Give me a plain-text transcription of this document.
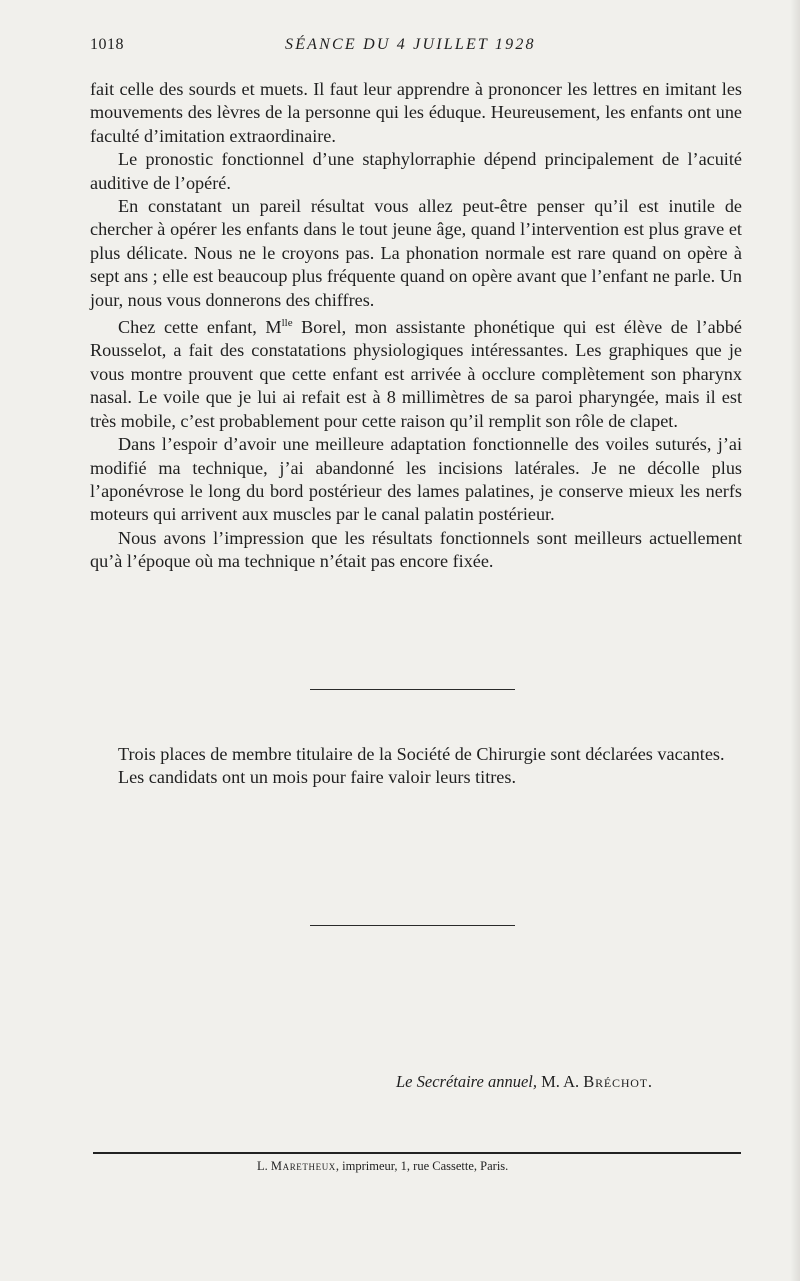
1018	SÉANCE DU 4 JUILLET 1928

fait celle des sourds et muets. Il faut leur apprendre à prononcer les lettres en imitant les mouvements des lèvres de la personne qui les éduque. Heureusement, les enfants ont une faculté d’imitation extraordinaire.

Le pronostic fonctionnel d’une staphylorraphie dépend principalement de l’acuité auditive de l’opéré.

En constatant un pareil résultat vous allez peut-être penser qu’il est inutile de chercher à opérer les enfants dans le tout jeune âge, quand l’intervention est plus grave et plus délicate. Nous ne le croyons pas. La phonation normale est rare quand on opère à sept ans ; elle est beaucoup plus fréquente quand on opère avant que l’enfant ne parle. Un jour, nous vous donnerons des chiffres.

Chez cette enfant, $M^{lle}$ Borel, mon assistante phonétique qui est élève de l’abbé Rousselot, a fait des constatations physiologiques intéressantes. Les graphiques que je vous montre prouvent que cette enfant est arrivée à occlure complètement son pharynx nasal. Le voile que je lui ai refait est à 8 millimètres de sa paroi pharyngée, mais il est très mobile, c’est probablement pour cette raison qu’il remplit son rôle de clapet.

Dans l’espoir d’avoir une meilleure adaptation fonctionnelle des voiles suturés, j’ai modifié ma technique, j’ai abandonné les incisions latérales. Je ne décolle plus l’aponévrose le long du bord postérieur des lames palatines, je conserve mieux les nerfs moteurs qui arrivent aux muscles par le canal palatin postérieur.

Nous avons l’impression que les résultats fonctionnels sont meilleurs actuellement qu’à l’époque où ma technique n’était pas encore fixée.

Trois places de membre titulaire de la Société de Chirurgie sont déclarées vacantes.

Les candidats ont un mois pour faire valoir leurs titres.

Le Secrétaire annuel, M. A. Bréchot.
L. Maretheux, imprimeur, 1, rue Cassette, Paris.
